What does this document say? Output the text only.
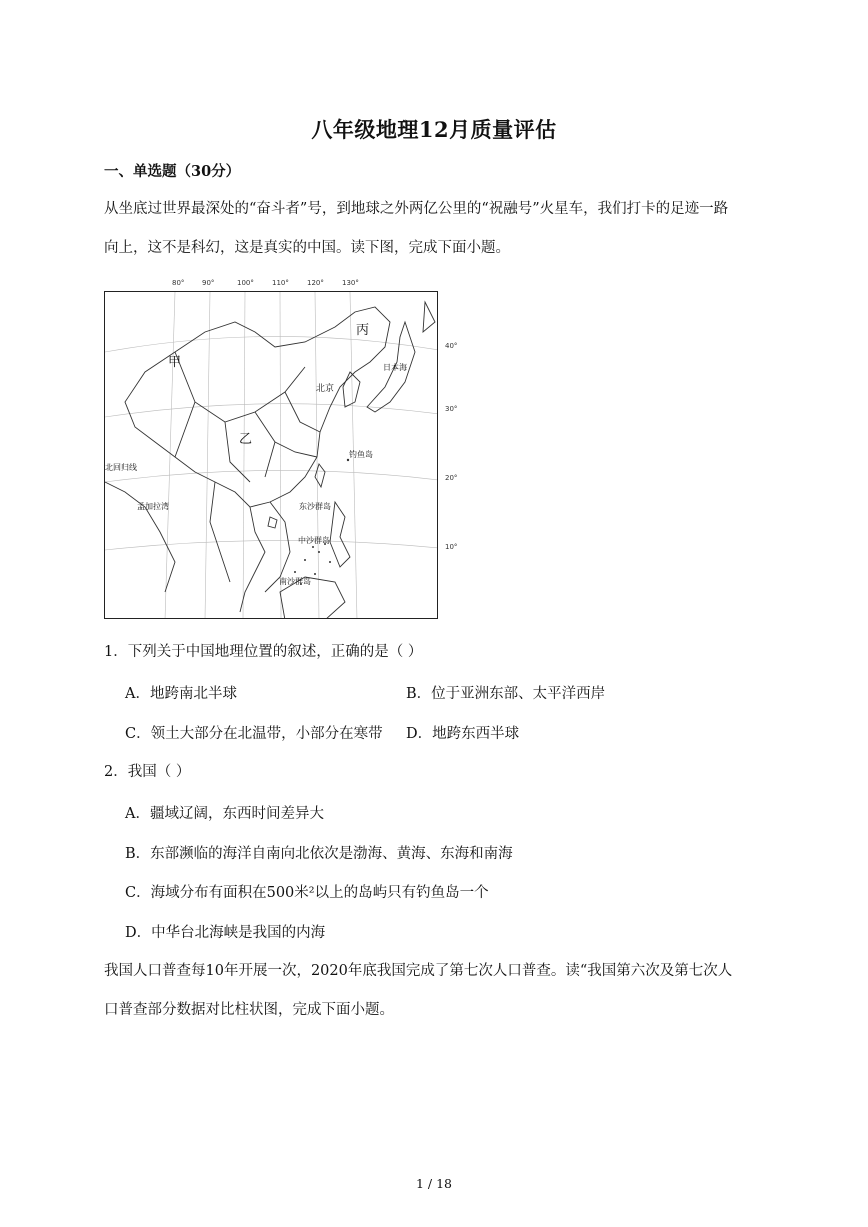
八年级地理12月质量评估
一、单选题（30分）
从坐底过世界最深处的“奋斗者”号，到地球之外两亿公里的“祝融号”火星车，我们打卡的足迹一路
向上，这不是科幻，这是真实的中国。读下图，完成下面小题。
80°	90°	100°	110°	120°	130°
40°
30°
20°
10°
甲
乙
丙
北京
日本海
钓鱼岛
北回归线
孟加拉湾	东沙群岛
中沙群岛
南沙群岛
1．下列关于中国地理位置的叙述，正确的是（ ）
A．地跨南北半球	B．位于亚洲东部、太平洋西岸
C．领土大部分在北温带，小部分在寒带 D．地跨东西半球
2．我国（ ）
A．疆域辽阔，东西时间差异大
B．东部濒临的海洋自南向北依次是渤海、黄海、东海和南海
C．海域分布有面积在500米²以上的岛屿只有钓鱼岛一个
D．中华台北海峡是我国的内海
我国人口普查每10年开展一次，2020年底我国完成了第七次人口普查。读“我国第六次及第七次人
口普查部分数据对比柱状图，完成下面小题。
1 / 18
